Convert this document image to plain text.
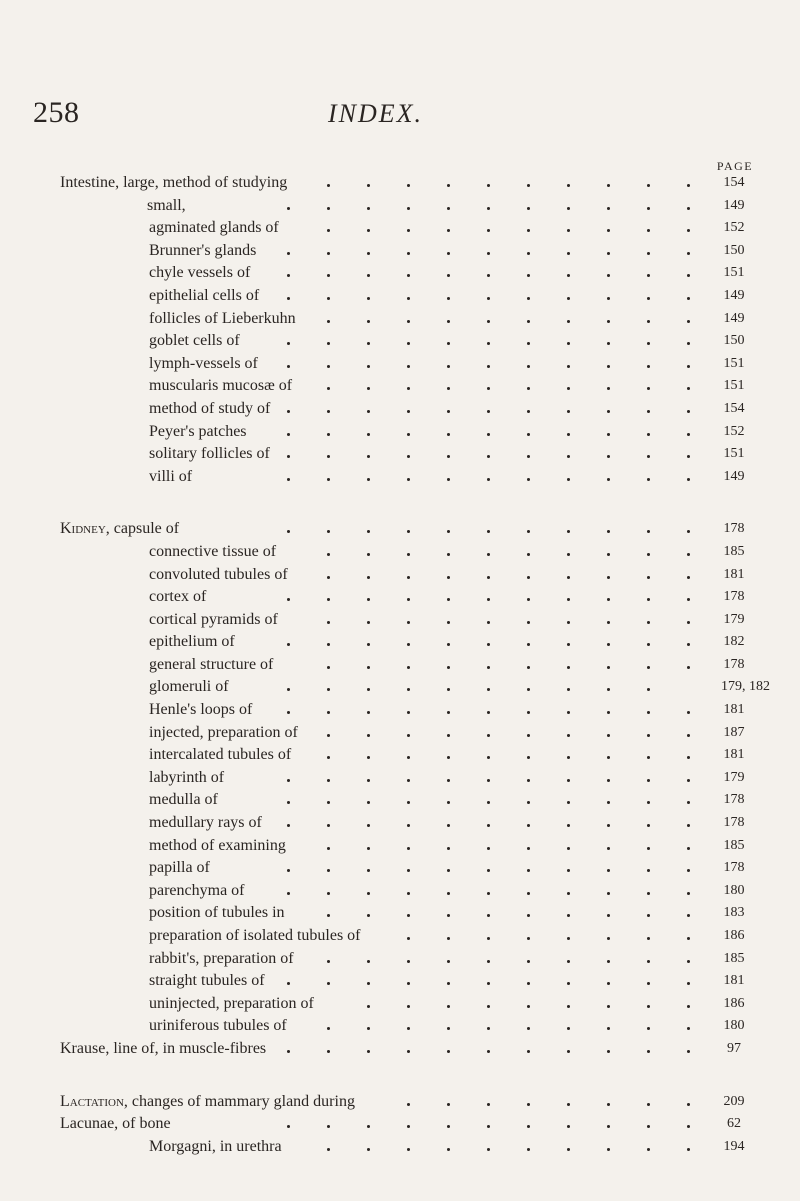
258	INDEX.
PAGE
Intestine, large, method of studying	154
small,	149
agminated glands of	152
Brunner's glands	150
chyle vessels of	151
epithelial cells of	149
follicles of Lieberkuhn	149
goblet cells of	150
lymph-vessels of	151
muscularis mucosæ of	151
method of study of	154
Peyer's patches	152
solitary follicles of	151
villi of	149
Kidney, capsule of	178
connective tissue of	185
convoluted tubules of	181
cortex of	178
cortical pyramids of	179
epithelium of	182
general structure of	178
glomeruli of	179, 182
Henle's loops of	181
injected, preparation of	187
intercalated tubules of	181
labyrinth of	179
medulla of	178
medullary rays of	178
method of examining	185
papilla of	178
parenchyma of	180
position of tubules in	183
preparation of isolated tubules of	186
rabbit's, preparation of	185
straight tubules of	181
uninjected, preparation of	186
uriniferous tubules of	180
Krause, line of, in muscle-fibres	97
Lactation, changes of mammary gland during	209
Lacunae, of bone	62
Morgagni, in urethra	194
